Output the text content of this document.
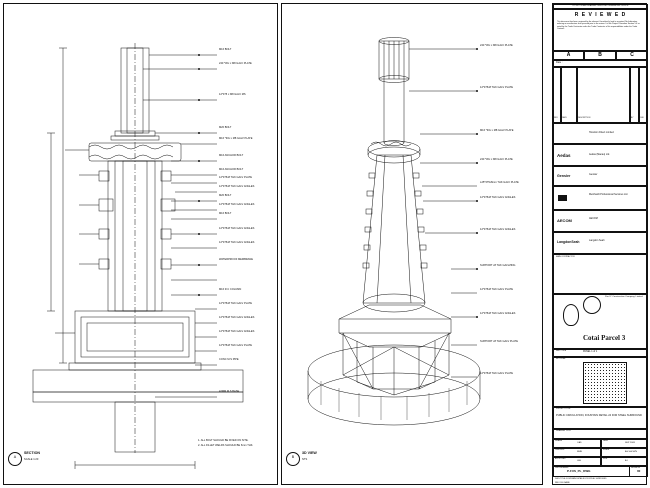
M16 BOLT
240 *30x x M8 GALV PLATE
12*375 x M8 GALV MS
M20 BOLT
M16 *30x x M8 GALV PLATE
M16 ANCHOR BOLT
M16 ANCHOR BOLT
12*375x8 THK GALV PLATE
12*375x8 THK GALV ANGLES
M20 BOLT
12*375x8 THK GALV ANGLES
M16 BOLT
12*375x8 THK GALV ANGLES
12*375x8 THK GALV ANGLES
WATERPROOF MEMBRANE
M16 R.C COLUMN
12*375x8 THK GALV PLATE
12*375x8 THK GALV ANGLES
12*375x8 THK GALV ANGLES
12*375x8 THK GALV PLATE
CONC M.S PIPE
42MM M.S BASE
1. ALL BOLT SHOULD BE FIXED ON SITE.
2. ALL FILLET WELDS SHOULD BE 6mm THK.
A
SECTION
SCALE 1:20
240 *30x x M8 GALV PLATE
12*375x8 THK GALV PLATE
M16 *30x x M8 GALV PLATE
240 *30x x M8 GALV PLATE
L25*375x8mm THK GALV PLATE
12*375x8 THK GALV ANGLES
12*375x8 THK GALV ANGLES
SUPPORT x8 THK GALVZING
12*375x8 THK GALV PLATE
12*375x8 THK GALV ANGLES
SUPPORT x8 THK GALV PLATE
12*375x8 THK GALV PLATE
B
3D VIEW
NTS
DO NOT SCALE DRAWING. VERIFY ALL DIMENSIONS ON SITE
R E V I E W E D
This document has been reviewed by the relevant Consultant(s) and is accepted. No fabrication, ordering or manufacture shall proceed prior to the review. It is the Project Procedure Section 5.4 as noted by the Trade Contractor under the Trade Contractor of his responsibilities under the Trade Contract.
A	B	C
Date :
REV DATE	DESCRIPTION	BY	CHK
Hooxtion Direct Limited
Aedas	Aedas (Macau) Ltd.
Gensler	Gensler
Meinhardt Professional Services Ltd.
AECOM	AECOM
LangdonSeah	Langdon Seah
MAIN CONTRACTOR
Paul Y. Construction Company, Limited
Cotai Parcel 3
REF. CODE	PANEL 1 of 1
KEY PLAN
PROJECT TITLE
PUBLIC CIRCULATION, FOUNTAIN DETAIL 24 FOR STEEL SURROUND
DRAWING TITLE
DRAWN
CAD
DATE
SEP 2009
CHECKED
RMB
SCALE
AS SHOWN
APPROVED
LEE
SIZE
A1
DWG NUMBER
P-FUS_PL_DWG
REVISION
00
DWG TITLE: FOUNTAIN DETAILS FOR STEEL SURROUND
REF. FILE NAME
